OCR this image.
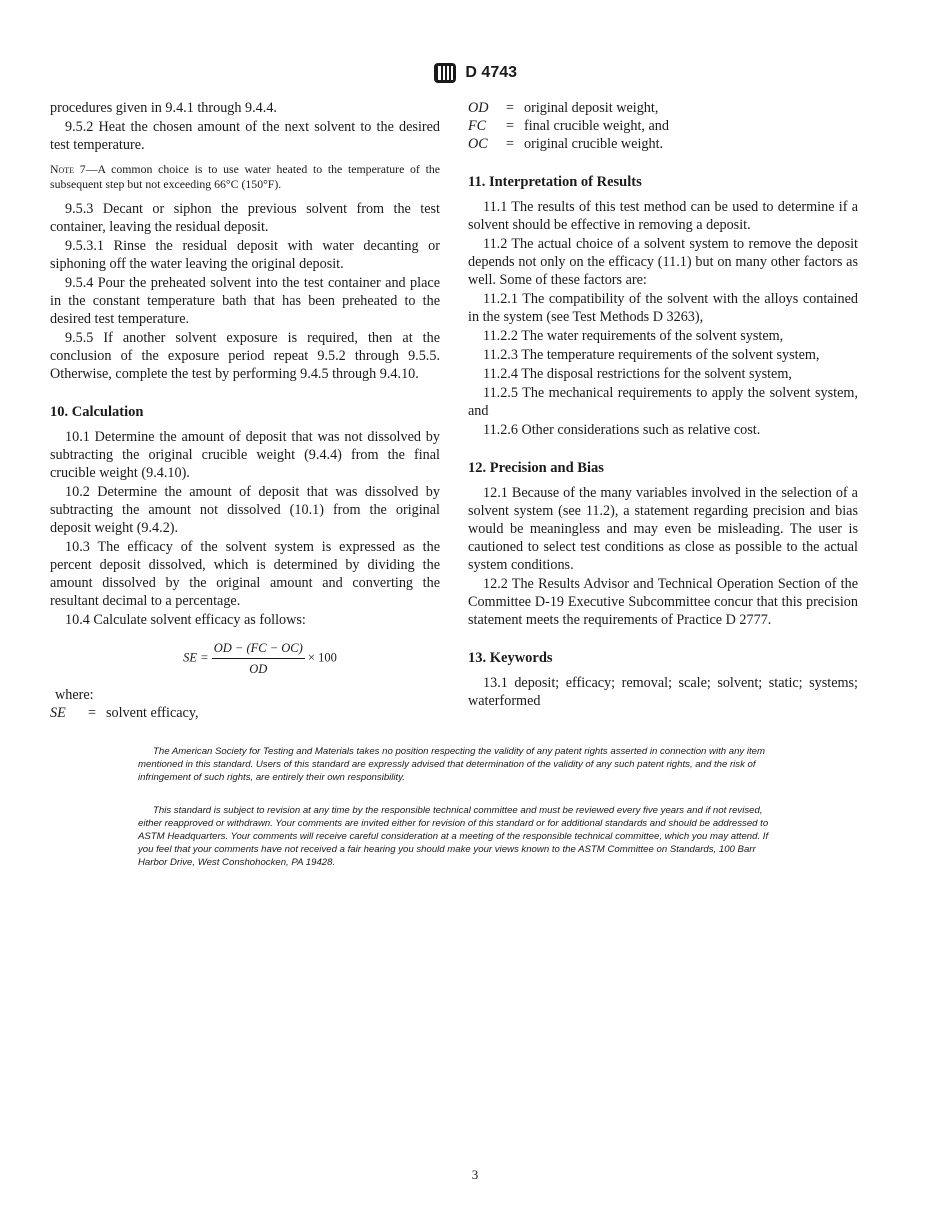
D 4743

procedures given in 9.4.1 through 9.4.4.

9.5.2 Heat the chosen amount of the next solvent to the desired test temperature.

Note 7—A common choice is to use water heated to the temperature of the subsequent step but not exceeding 66°C (150°F).

9.5.3 Decant or siphon the previous solvent from the test container, leaving the residual deposit.

9.5.3.1 Rinse the residual deposit with water decanting or siphoning off the water leaving the original deposit.

9.5.4 Pour the preheated solvent into the test container and place in the constant temperature bath that has been preheated to the desired test temperature.

9.5.5 If another solvent exposure is required, then at the conclusion of the exposure period repeat 9.5.2 through 9.5.5. Otherwise, complete the test by performing 9.4.5 through 9.4.10.

10. Calculation

10.1 Determine the amount of deposit that was not dissolved by subtracting the original crucible weight (9.4.4) from the final crucible weight (9.4.10).

10.2 Determine the amount of deposit that was dissolved by subtracting the amount not dissolved (10.1) from the original deposit weight (9.4.2).

10.3 The efficacy of the solvent system is expressed as the percent deposit dissolved, which is determined by dividing the amount dissolved by the original amount and converting the resultant decimal to a percentage.

10.4 Calculate solvent efficacy as follows:

SE = $\frac{OD - (FC - OC)}{OD} \times 100$
where:
SE	= solvent efficacy,
OD	= original deposit weight,
FC	= final crucible weight, and
OC	= original crucible weight.
11. Interpretation of Results

11.1 The results of this test method can be used to determine if a solvent should be effective in removing a deposit.

11.2 The actual choice of a solvent system to remove the deposit depends not only on the efficacy (11.1) but on many other factors as well. Some of these factors are:

11.2.1 The compatibility of the solvent with the alloys contained in the system (see Test Methods D 3263),

11.2.2 The water requirements of the solvent system,

11.2.3 The temperature requirements of the solvent system,

11.2.4 The disposal restrictions for the solvent system,

11.2.5 The mechanical requirements to apply the solvent system, and

11.2.6 Other considerations such as relative cost.

12. Precision and Bias

12.1 Because of the many variables involved in the selection of a solvent system (see 11.2), a statement regarding precision and bias would be meaningless and may even be misleading. The user is cautioned to select test conditions as close as possible to the actual system conditions.

12.2 The Results Advisor and Technical Operation Section of the Committee D-19 Executive Subcommittee concur that this precision statement meets the requirements of Practice D 2777.

13. Keywords

13.1 deposit; efficacy; removal; scale; solvent; static; systems; waterformed

The American Society for Testing and Materials takes no position respecting the validity of any patent rights asserted in connection with any item mentioned in this standard. Users of this standard are expressly advised that determination of the validity of any such patent rights, and the risk of infringement of such rights, are entirely their own responsibility.

This standard is subject to revision at any time by the responsible technical committee and must be reviewed every five years and if not revised, either reapproved or withdrawn. Your comments are invited either for revision of this standard or for additional standards and should be addressed to ASTM Headquarters. Your comments will receive careful consideration at a meeting of the responsible technical committee, which you may attend. If you feel that your comments have not received a fair hearing you should make your views known to the ASTM Committee on Standards, 100 Barr Harbor Drive, West Conshohocken, PA 19428.

3
